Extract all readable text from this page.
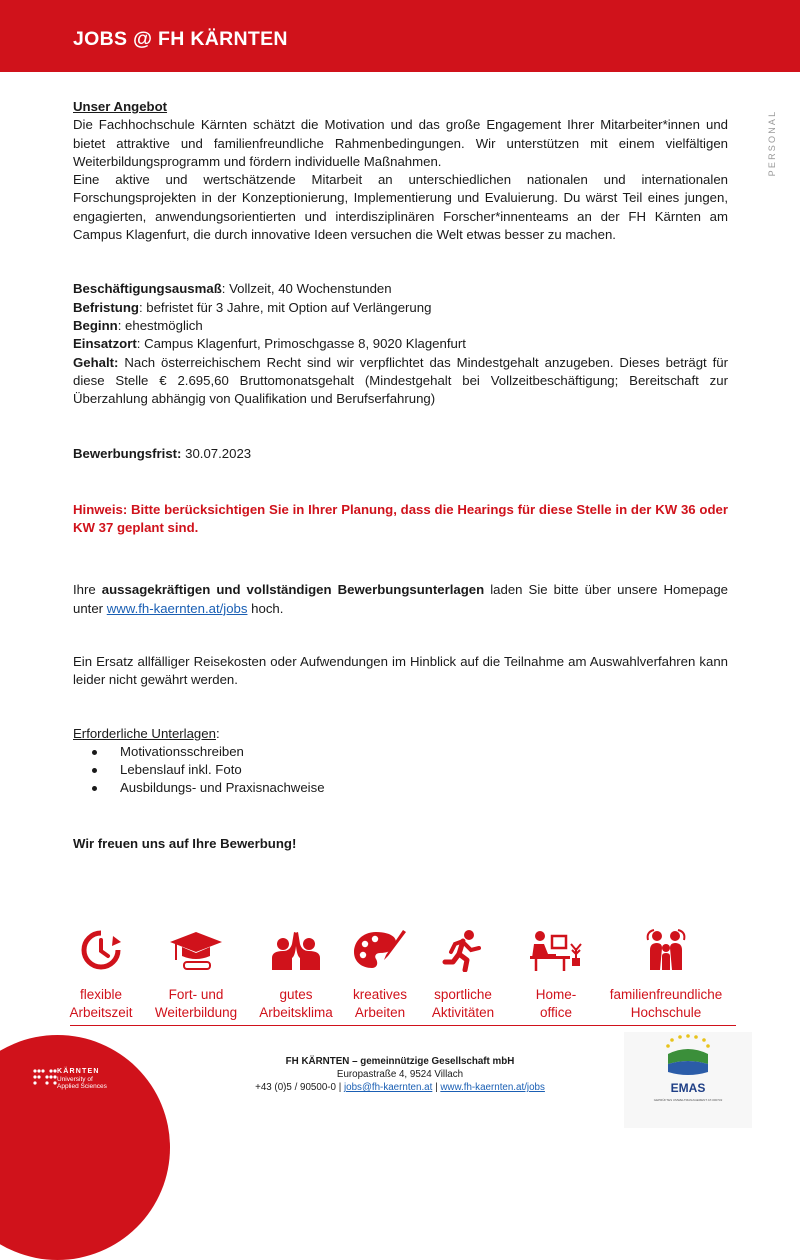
JOBS @ FH KÄRNTEN
PERSONAL

Unser Angebot

Die Fachhochschule Kärnten schätzt die Motivation und das große Engagement Ihrer Mitarbeiter*innen und bietet attraktive und familienfreundliche Rahmenbedingungen. Wir unterstützen mit einem vielfältigen Weiterbildungsprogramm und fördern individuelle Maßnahmen.

Eine aktive und wertschätzende Mitarbeit an unterschiedlichen nationalen und internationalen Forschungsprojekten in der Konzeptionierung, Implementierung und Evaluierung. Du wärst Teil eines jungen, engagierten, anwendungsorientierten und interdisziplinären Forscher*innenteams an der FH Kärnten am Campus Klagenfurt, die durch innovative Ideen versuchen die Welt etwas besser zu machen.

Beschäftigungsausmaß: Vollzeit, 40 Wochenstunden

Befristung: befristet für 3 Jahre, mit Option auf Verlängerung

Beginn: ehestmöglich

Einsatzort: Campus Klagenfurt, Primoschgasse 8, 9020 Klagenfurt

Gehalt: Nach österreichischem Recht sind wir verpflichtet das Mindestgehalt anzugeben. Dieses beträgt für diese Stelle € 2.695,60 Bruttomonatsgehalt (Mindestgehalt bei Vollzeitbeschäftigung; Bereitschaft zur Überzahlung abhängig von Qualifikation und Berufserfahrung)

Bewerbungsfrist: 30.07.2023

Hinweis: Bitte berücksichtigen Sie in Ihrer Planung, dass die Hearings für diese Stelle in der KW 36 oder KW 37 geplant sind.

Ihre aussagekräftigen und vollständigen Bewerbungsunterlagen laden Sie bitte über unsere Homepage unter www.fh-kaernten.at/jobs hoch.

Ein Ersatz allfälliger Reisekosten oder Aufwendungen im Hinblick auf die Teilnahme am Auswahlverfahren kann leider nicht gewährt werden.

Erforderliche Unterlagen:

Motivationsschreiben
Lebenslauf inkl. Foto
Ausbildungs- und Praxisnachweise

Wir freuen uns auf Ihre Bewerbung!

flexible
Arbeitszeit
Fort- und
Weiterbildung
gutes
Arbeitsklima
kreatives
Arbeiten
sportliche
Aktivitäten
Home-
office
familienfreundliche
Hochschule
KÄRNTEN
University of
Applied Sciences
FH KÄRNTEN – gemeinnützige Gesellschaft mbH
Europastraße 4, 9524 Villach
+43 (0)5 / 90500-0 | jobs@fh-kaernten.at | www.fh-kaernten.at/jobs	EMAS
GEPRÜFTES UMWELTMANAGEMENT AT-000732
